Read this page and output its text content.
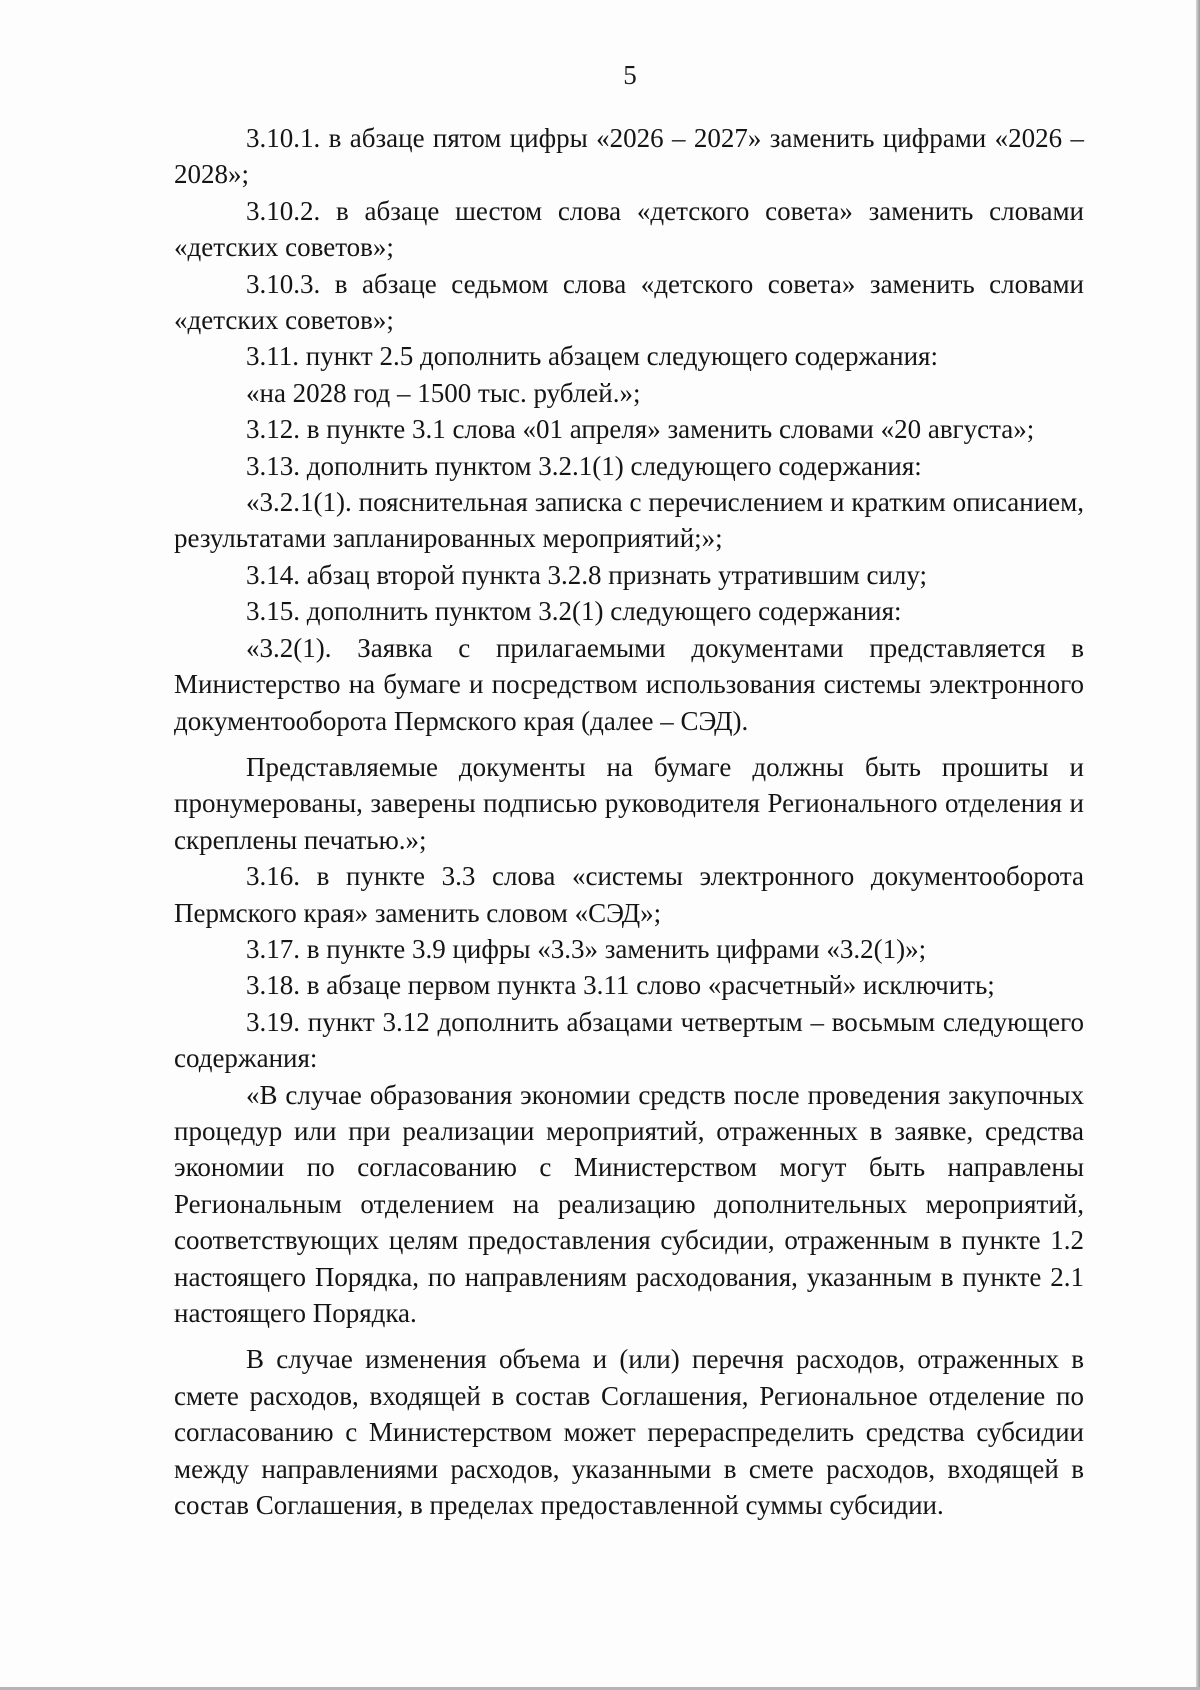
5

3.10.1. в абзаце пятом цифры «2026 – 2027» заменить цифрами «2026 – 2028»;

3.10.2. в абзаце шестом слова «детского совета» заменить словами «детских советов»;

3.10.3. в абзаце седьмом слова «детского совета» заменить словами «детских советов»;

3.11. пункт 2.5 дополнить абзацем следующего содержания:

«на 2028 год – 1500 тыс. рублей.»;

3.12. в пункте 3.1 слова «01 апреля» заменить словами «20 августа»;

3.13. дополнить пунктом 3.2.1(1) следующего содержания:

«3.2.1(1). пояснительная записка с перечислением и кратким описанием, результатами запланированных мероприятий;»;

3.14. абзац второй пункта 3.2.8 признать утратившим силу;

3.15. дополнить пунктом 3.2(1) следующего содержания:

«3.2(1). Заявка с прилагаемыми документами представляется в Министерство на бумаге и посредством использования системы электронного документооборота Пермского края (далее – СЭД).

Представляемые документы на бумаге должны быть прошиты и пронумерованы, заверены подписью руководителя Регионального отделения и скреплены печатью.»;

3.16. в пункте 3.3 слова «системы электронного документооборота Пермского края» заменить словом «СЭД»;

3.17. в пункте 3.9 цифры «3.3» заменить цифрами «3.2(1)»;

3.18. в абзаце первом пункта 3.11 слово «расчетный» исключить;

3.19. пункт 3.12 дополнить абзацами четвертым – восьмым следующего содержания:

«В случае образования экономии средств после проведения закупочных процедур или при реализации мероприятий, отраженных в заявке, средства экономии по согласованию с Министерством могут быть направлены Региональным отделением на реализацию дополнительных мероприятий, соответствующих целям предоставления субсидии, отраженным в пункте 1.2 настоящего Порядка, по направлениям расходования, указанным в пункте 2.1 настоящего Порядка.

В случае изменения объема и (или) перечня расходов, отраженных в смете расходов, входящей в состав Соглашения, Региональное отделение по согласованию с Министерством может перераспределить средства субсидии между направлениями расходов, указанными в смете расходов, входящей в состав Соглашения, в пределах предоставленной суммы субсидии.
